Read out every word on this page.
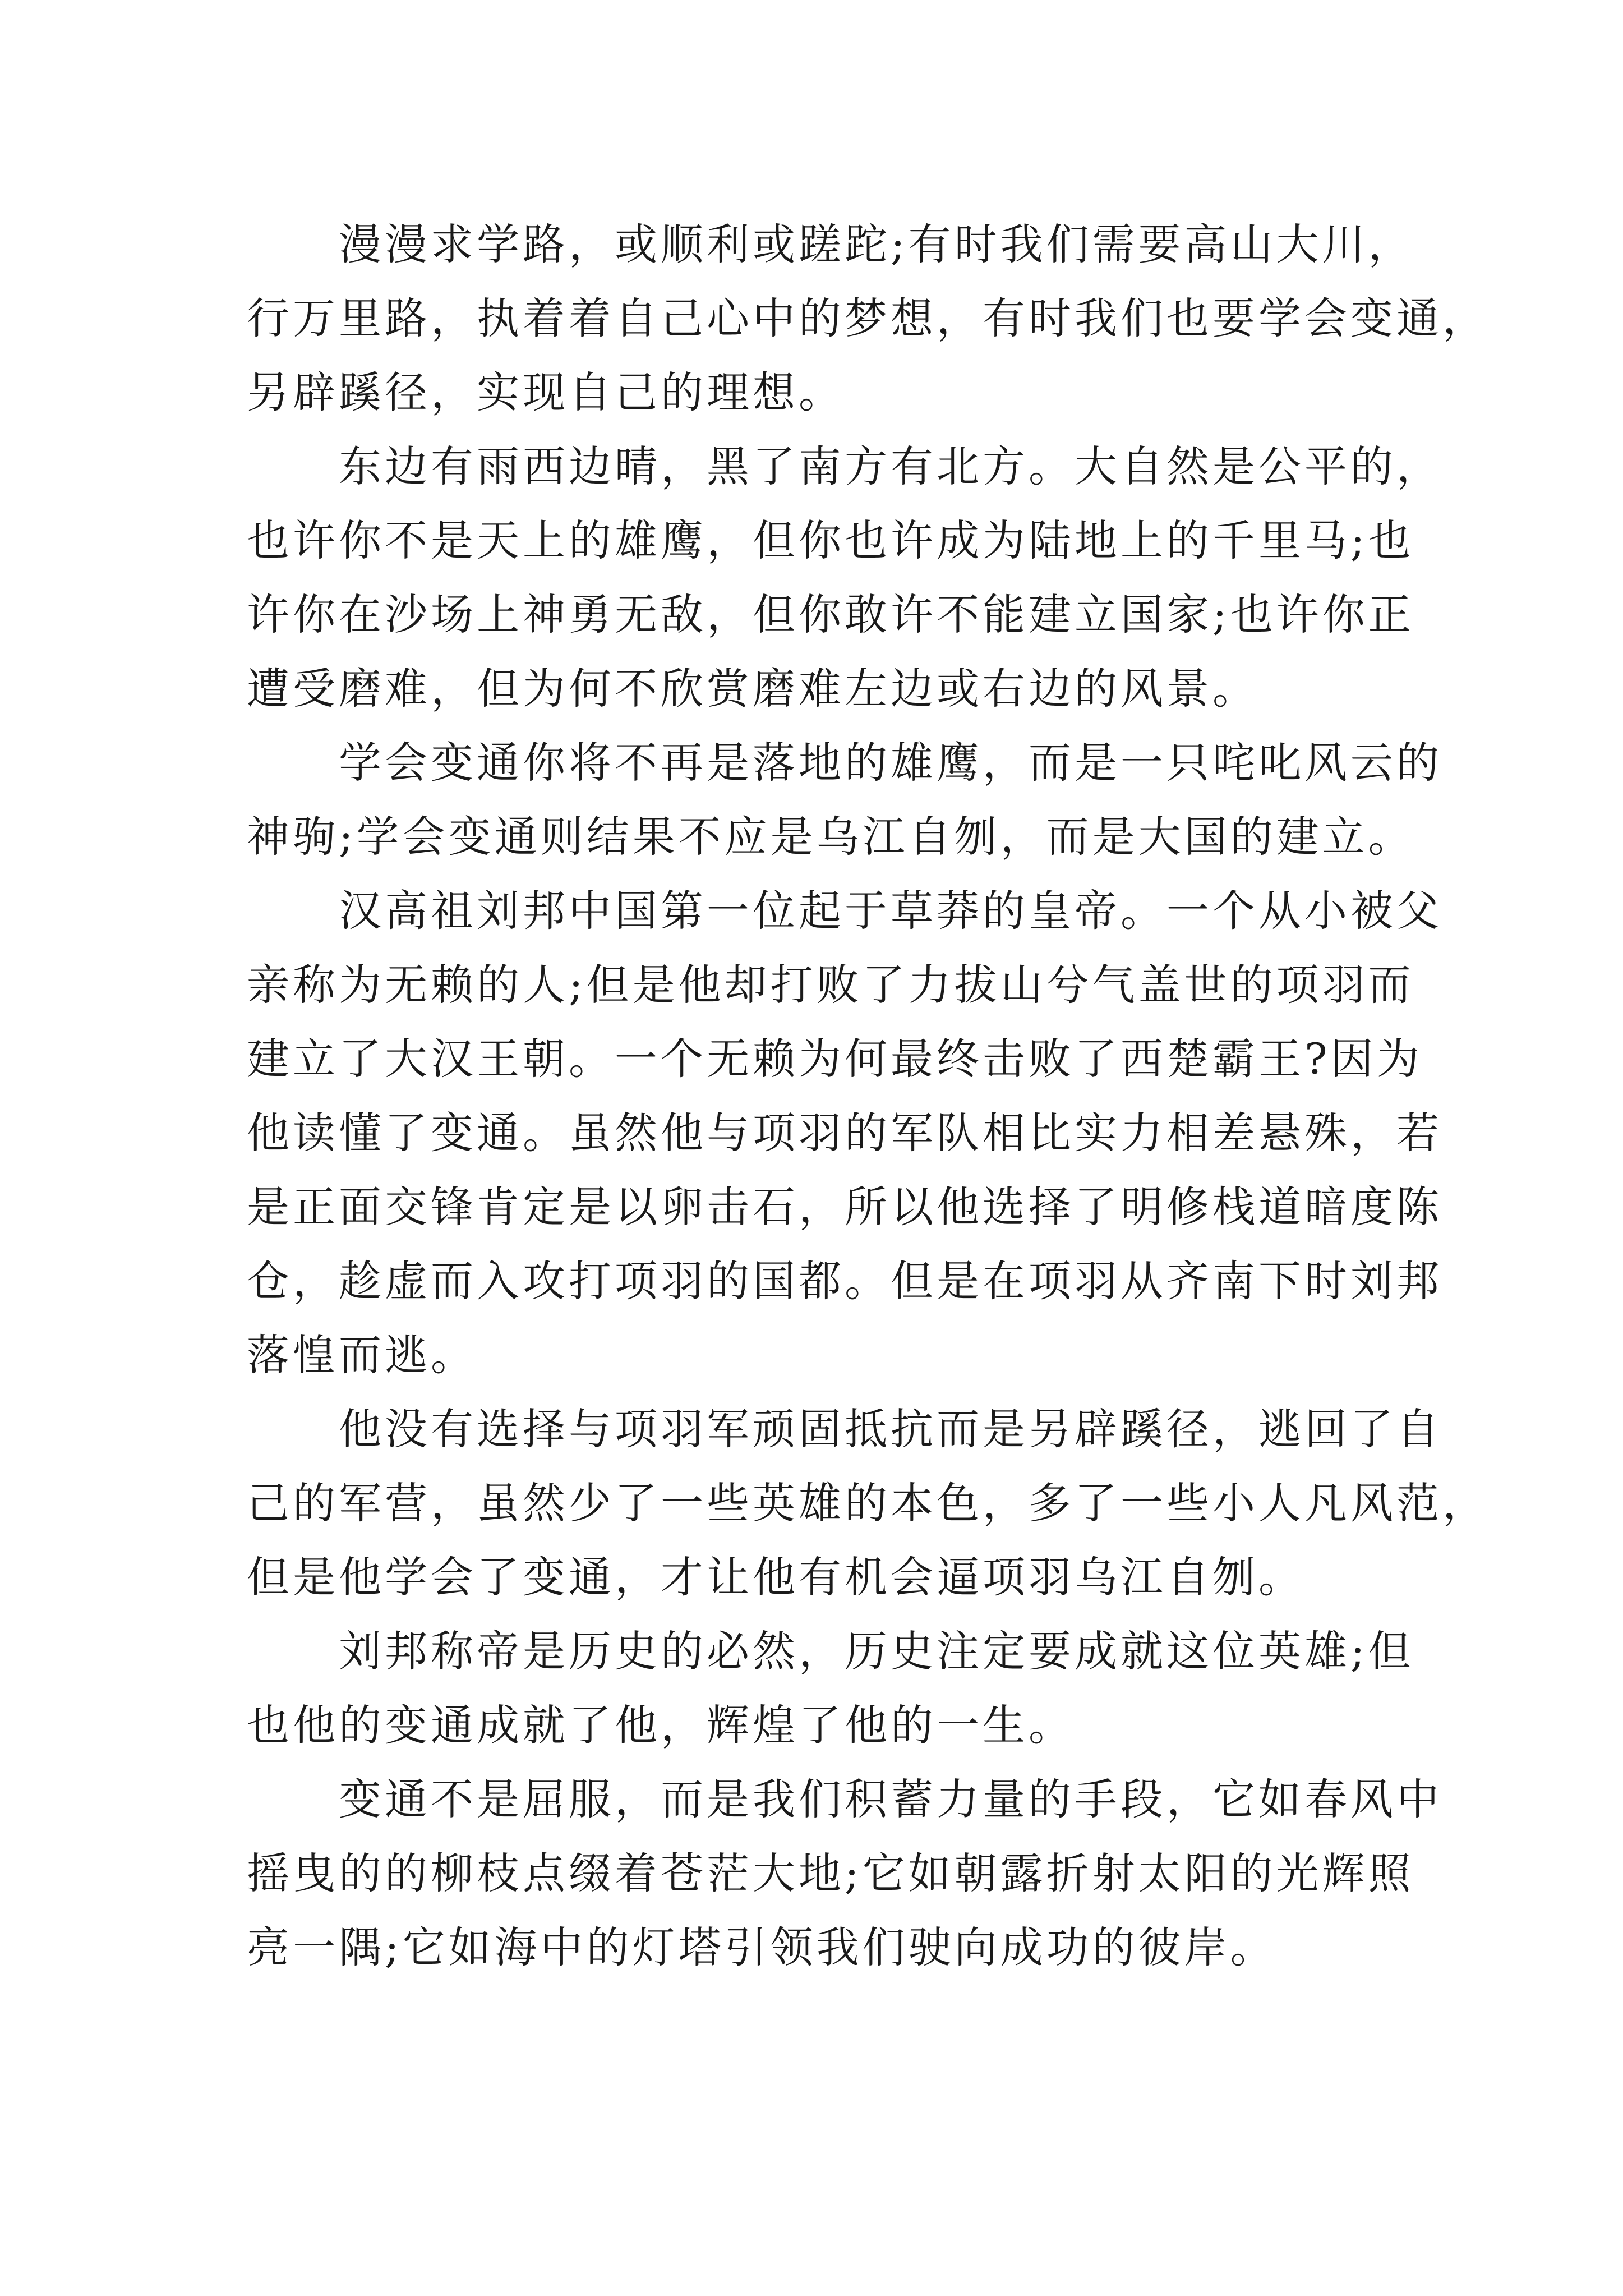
漫漫求学路，或顺利或蹉跎;有时我们需要高山大川，
行万里路，执着着自己心中的梦想，有时我们也要学会变通，
另辟蹊径，实现自己的理想。
东边有雨西边晴，黑了南方有北方。大自然是公平的，
也许你不是天上的雄鹰，但你也许成为陆地上的千里马;也
许你在沙场上神勇无敌，但你敢许不能建立国家;也许你正
遭受磨难，但为何不欣赏磨难左边或右边的风景。
学会变通你将不再是落地的雄鹰，而是一只咤叱风云的
神驹;学会变通则结果不应是乌江自刎，而是大国的建立。
汉高祖刘邦中国第一位起于草莽的皇帝。一个从小被父
亲称为无赖的人;但是他却打败了力拔山兮气盖世的项羽而
建立了大汉王朝。一个无赖为何最终击败了西楚霸王?因为
他读懂了变通。虽然他与项羽的军队相比实力相差悬殊，若
是正面交锋肯定是以卵击石，所以他选择了明修栈道暗度陈
仓，趁虚而入攻打项羽的国都。但是在项羽从齐南下时刘邦
落惶而逃。
他没有选择与项羽军顽固抵抗而是另辟蹊径，逃回了自
己的军营，虽然少了一些英雄的本色，多了一些小人凡风范，
但是他学会了变通，才让他有机会逼项羽乌江自刎。
刘邦称帝是历史的必然，历史注定要成就这位英雄;但
也他的变通成就了他，辉煌了他的一生。
变通不是屈服，而是我们积蓄力量的手段，它如春风中
摇曳的的柳枝点缀着苍茫大地;它如朝露折射太阳的光辉照
亮一隅;它如海中的灯塔引领我们驶向成功的彼岸。
